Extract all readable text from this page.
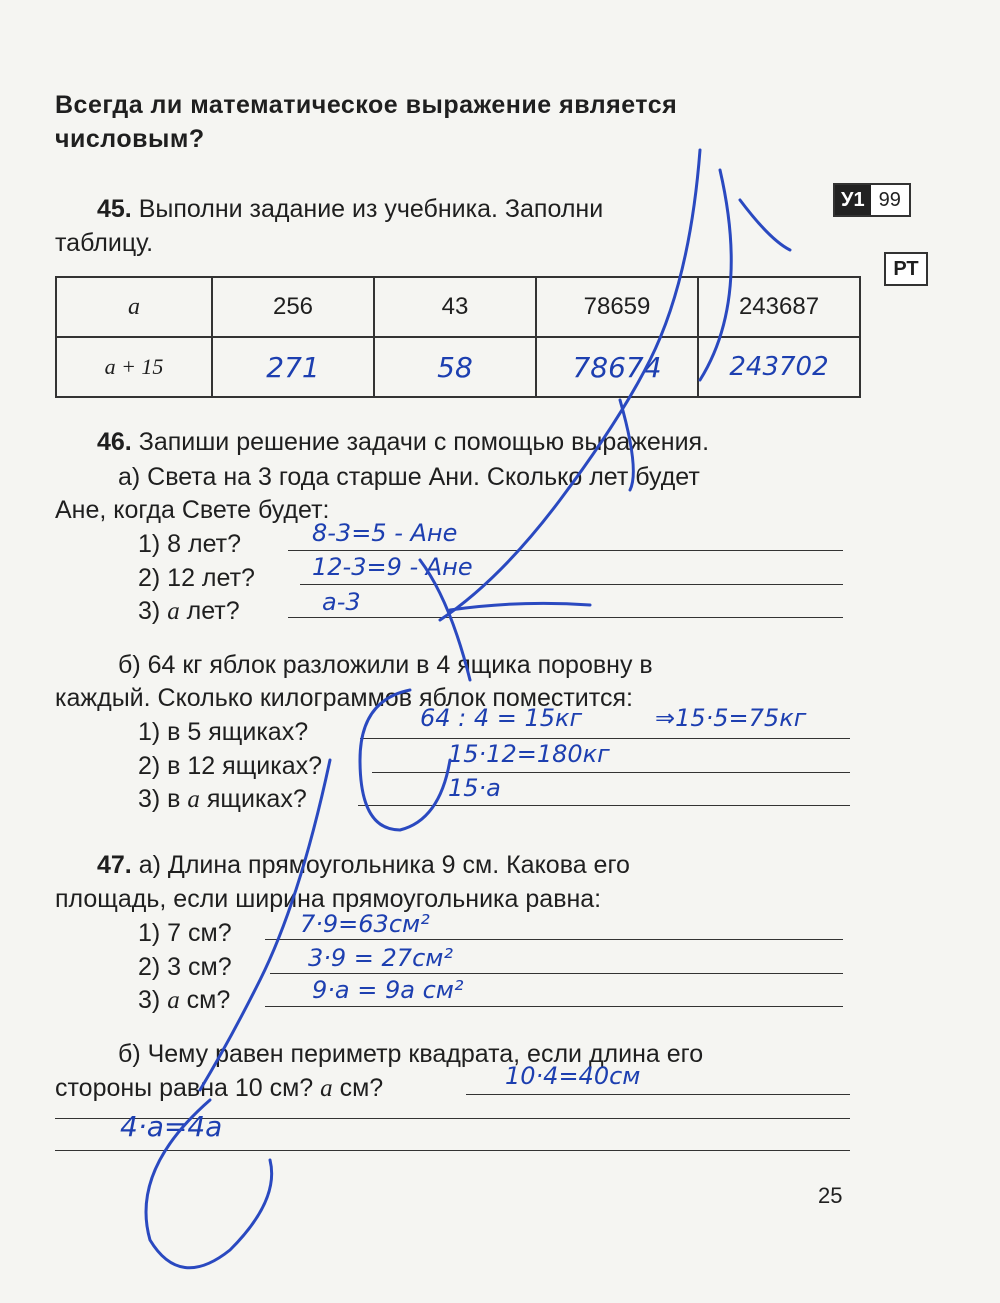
Всегда ли математическое выражение является числовым?
У1 99
РТ
45. Выполни задание из учебника. Заполни
таблицу.
a	256	43	78659	243687
a + 15	271	58	78674	243702
46. Запиши решение задачи с помощью выражения.
а) Света на 3 года старше Ани. Сколько лет будет
Ане, когда Свете будет:
1) 8 лет?	8-3=5 - Ане
2) 12 лет? 12-3=9 - Ане
3) a лет?	a-3
б) 64 кг яблок разложили в 4 ящика поровну в
каждый. Сколько килограммов яблок поместится:
1) в 5 ящиках?	64 : 4 = 15кг	⇒15·5=75кг
2) в 12 ящиках?	15·12=180кг
3) в a ящиках?	15·a
47. а) Длина прямоугольника 9 см. Какова его
площадь, если ширина прямоугольника равна:
1) 7 см?	7·9=63см²
2) 3 см?	3·9 = 27см²
3) a см?	9·a = 9a см²
б) Чему равен периметр квадрата, если длина его
стороны равна 10 см? a см?	10·4=40см
4·a=4a
25
